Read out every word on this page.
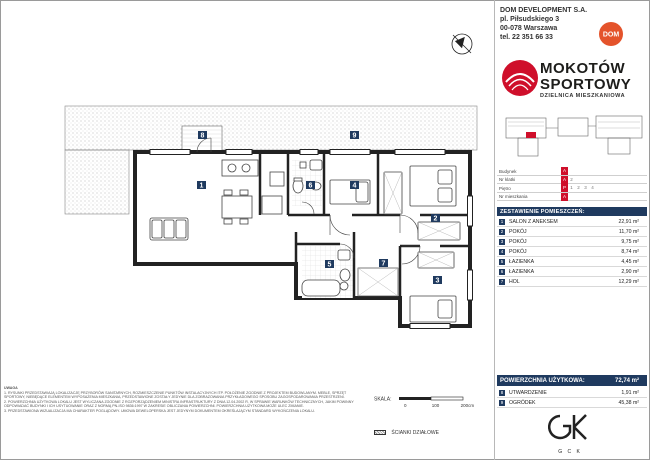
8	9
1	4
6
2
5	7
3
UWAGA
1. RYSUNKI PRZEDSTAWIAJĄ LOKALIZACJĘ PRZYBORÓW SANITARNYCH, ROZMIESZCZENIE PUNKTÓW INSTALACYJNYCH ITP. POŁOŻENIE ZGODNIE Z PROJEKTEM BUDOWLANYM. MEBLE, SPRZĘT
SPORTOWY, NIEBĘDĄCE ELEMENTEM WYPOSAŻENIA MIESZKANIA, PRZEDSTAWIONE ZOSTAŁY JEDYNIE DLA ZOBRAZOWANIA PRZYKŁADOWEGO SPOSOBU ZAGOSPODAROWANIA PRZESTRZENI.
2. POWIERZCHNIA UŻYTKOWA LOKALU JEST WYLICZANA ZGODNIE Z ROZPORZĄDZENIEM MINISTRA INFRASTRUKTURY Z DNIA 12.04.2002 R. W SPRAWIE WARUNKÓW TECHNICZNYCH, JAKIM POWINNY
ODPOWIADAĆ BUDYNKI I ICH USYTUOWANIE ORAZ Z NORMĄ PN-ISO 9836:1997 W ZAKRESIE OBLICZANIA POWIERZCHNI. POWIERZCHNIA UŻYTKOWA MOŻE ULEC ZMIANIE.
3. PRZEDSTAWIONA WIZUALIZACJA MA CHARAKTER POGLĄDOWY. UMOWA DEWELOPERSKA JEST JEDYNYM DOKUMENTEM OKREŚLAJĄCYM STANDARD WYKOŃCZENIA LOKALU.
SKALA:
0	100	200cm
ŚCIANKI DZIAŁOWE
DOM DEVELOPMENT S.A.
pl. Piłsudskiego 3
00-078 Warszawa
tel. 22 351 66 33	DOM
MOKOTÓW
SPORTOWY
DZIELNICA MIESZKANIOWA
Budynek	A
Nr klatki	A 2
Piętro	P 1 2 3 4
Nr mieszkania	A
ZESTAWIENIE POMIESZCZEŃ:
1	SALON Z ANEKSEM	22,91 m²
2	POKÓJ	11,70 m²
3	POKÓJ	9,75 m²
4	POKÓJ	8,74 m²
5	ŁAZIENKA	4,45 m²
6	ŁAZIENKA	2,90 m²
7	HOL	12,29 m²
POWIERZCHNIA UŻYTKOWA:	72,74 m²
8	UTWARDZENIE	1,91 m²
9	OGRÓDEK	45,38 m²
G C K
